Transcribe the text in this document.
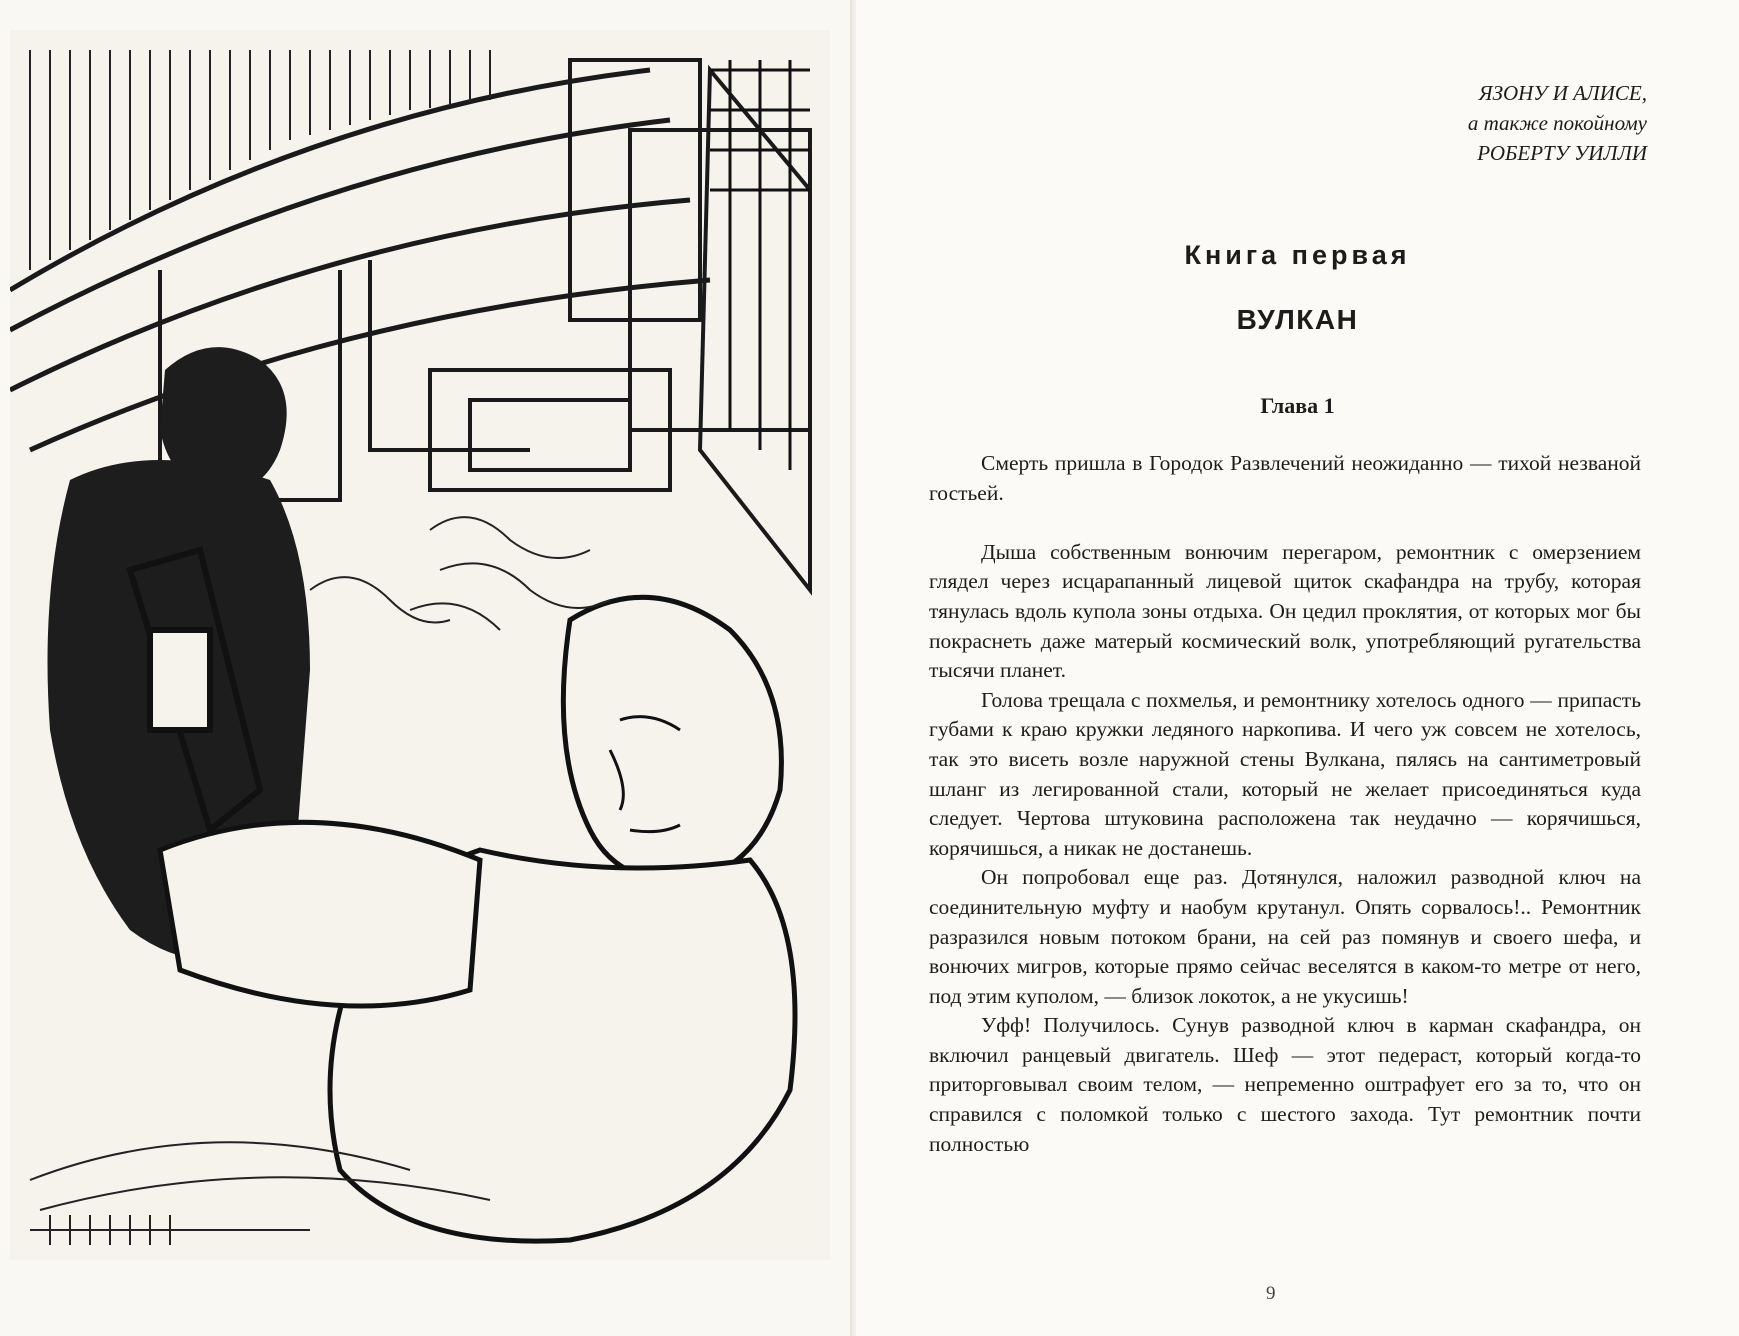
ЯЗОНУ И АЛИСЕ,
а также покойному
РОБЕРТУ УИЛЛИ
Книга первая
ВУЛКАН
Глава 1

Смерть пришла в Городок Развлечений неожиданно — тихой незваной гостьей.

Дыша собственным вонючим перегаром, ремонтник с омерзением глядел через исцарапанный лицевой щиток скафандра на трубу, которая тянулась вдоль купола зоны отдыха. Он цедил проклятия, от которых мог бы покраснеть даже матерый космический волк, употребляющий ругательства тысячи планет.

Голова трещала с похмелья, и ремонтнику хотелось одного — припасть губами к краю кружки ледяного наркопива. И чего уж совсем не хотелось, так это висеть возле наружной стены Вулкана, пялясь на сантиметровый шланг из легированной стали, который не желает присоединяться куда следует. Чертова штуковина расположена так неудачно — корячишься, корячишься, а никак не достанешь.

Он попробовал еще раз. Дотянулся, наложил разводной ключ на соединительную муфту и наобум крутанул. Опять сорвалось!.. Ремонтник разразился новым потоком брани, на сей раз помянув и своего шефа, и вонючих мигров, которые прямо сейчас веселятся в каком-то метре от него, под этим куполом, — близок локоток, а не укусишь!

Уфф! Получилось. Сунув разводной ключ в карман скафандра, он включил ранцевый двигатель. Шеф — этот педераст, который когда-то приторговывал своим телом, — непременно оштрафует его за то, что он справился с поломкой только с шестого захода. Тут ремонтник почти полностью

9
